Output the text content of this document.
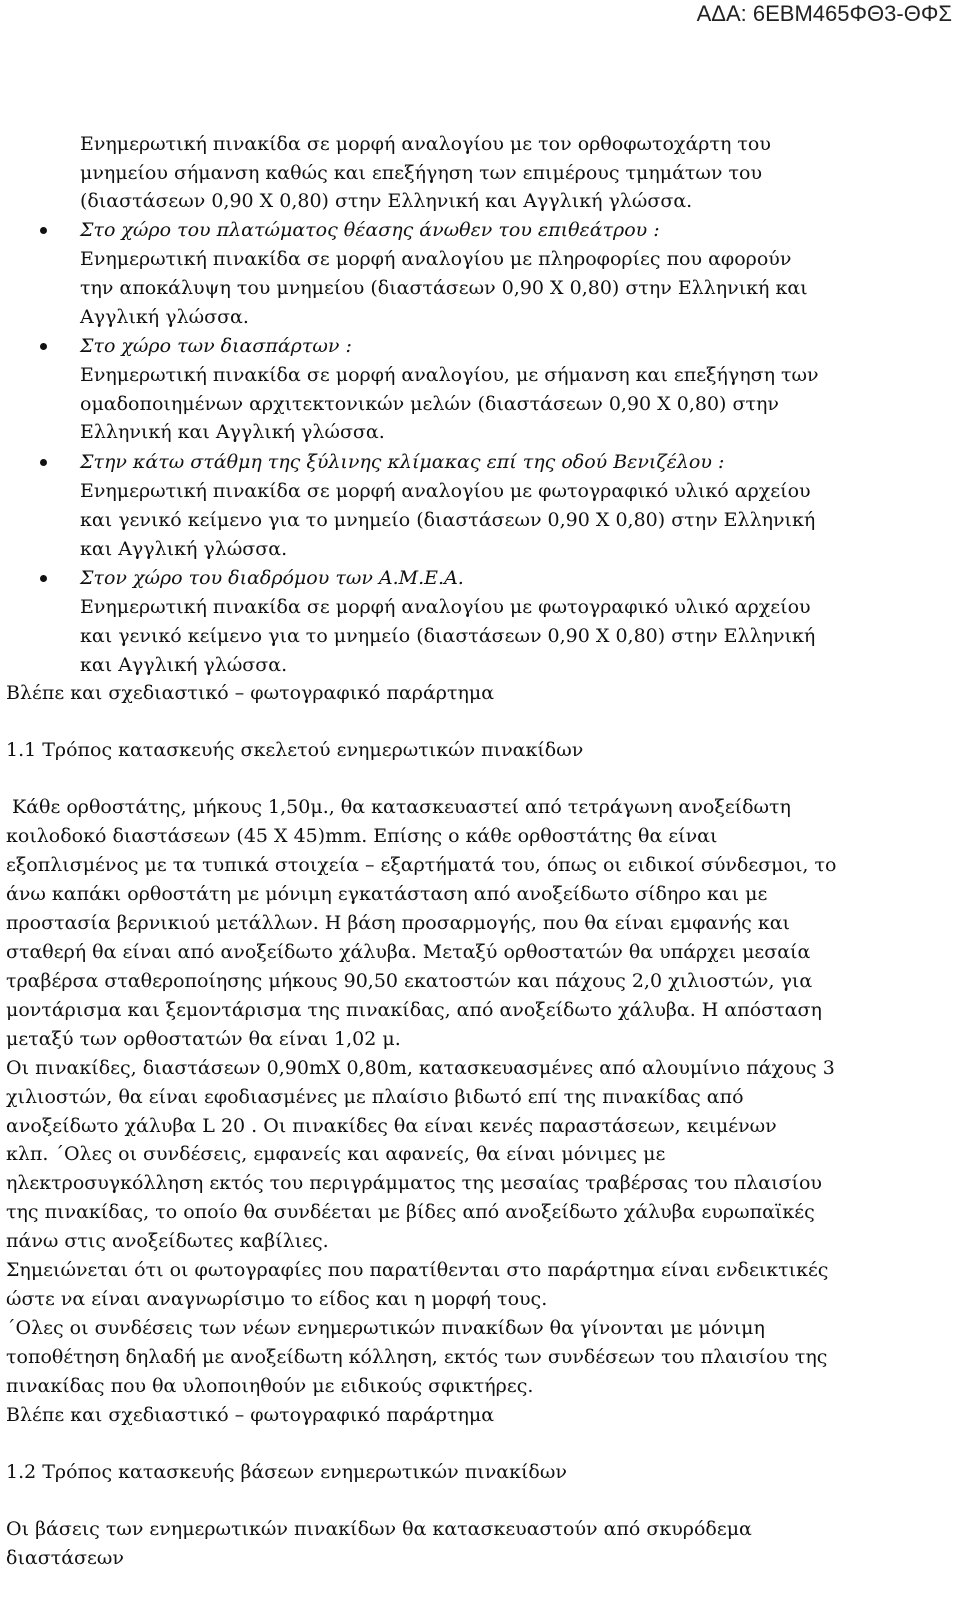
ΑΔΑ: 6ΕΒΜ465ΦΘ3-ΘΦΣ
Ενημερωτική πινακίδα σε μορφή αναλογίου με τον ορθοφωτοχάρτη του
μνημείου σήμανση καθώς και επεξήγηση των επιμέρους τμημάτων του
(διαστάσεων 0,90 Χ 0,80) στην Ελληνική και Αγγλική γλώσσα.
Στο χώρο του πλατώματος θέασης άνωθεν του επιθεάτρου :
Ενημερωτική πινακίδα σε μορφή αναλογίου με πληροφορίες που αφορούν
την αποκάλυψη του μνημείου (διαστάσεων 0,90 Χ 0,80) στην Ελληνική και
Αγγλική γλώσσα.
Στο χώρο των διασπάρτων :
Ενημερωτική πινακίδα σε μορφή αναλογίου, με σήμανση και επεξήγηση των
ομαδοποιημένων αρχιτεκτονικών μελών (διαστάσεων 0,90 Χ 0,80) στην
Ελληνική και Αγγλική γλώσσα.
Στην κάτω στάθμη της ξύλινης κλίμακας επί της οδού Βενιζέλου :
Ενημερωτική πινακίδα σε μορφή αναλογίου με φωτογραφικό υλικό αρχείου
και γενικό κείμενο για το μνημείο (διαστάσεων 0,90 Χ 0,80) στην Ελληνική
και Αγγλική γλώσσα.
Στον χώρο του διαδρόμου των Α.Μ.Ε.Α.
Ενημερωτική πινακίδα σε μορφή αναλογίου με φωτογραφικό υλικό αρχείου
και γενικό κείμενο για το μνημείο (διαστάσεων 0,90 Χ 0,80) στην Ελληνική
και Αγγλική γλώσσα.
Βλέπε και σχεδιαστικό – φωτογραφικό παράρτημα
1.1 Τρόπος κατασκευής σκελετού ενημερωτικών πινακίδων
Κάθε ορθοστάτης, μήκους 1,50μ., θα κατασκευαστεί από τετράγωνη ανοξείδωτη
κοιλοδοκό διαστάσεων (45 Χ 45)mm. Επίσης ο κάθε ορθοστάτης θα είναι
εξοπλισμένος με τα τυπικά στοιχεία – εξαρτήματά του, όπως οι ειδικοί σύνδεσμοι, το
άνω καπάκι ορθοστάτη με μόνιμη εγκατάσταση από ανοξείδωτο σίδηρο και με
προστασία βερνικιού μετάλλων. Η βάση προσαρμογής, που θα είναι εμφανής και
σταθερή θα είναι από ανοξείδωτο χάλυβα. Μεταξύ ορθοστατών θα υπάρχει μεσαία
τραβέρσα σταθεροποίησης μήκους 90,50 εκατοστών και πάχους 2,0 χιλιοστών, για
μοντάρισμα και ξεμοντάρισμα της πινακίδας, από ανοξείδωτο χάλυβα. Η απόσταση
μεταξύ των ορθοστατών θα είναι 1,02 μ.
Οι πινακίδες, διαστάσεων 0,90mΧ 0,80m, κατασκευασμένες από αλουμίνιο πάχους 3
χιλιοστών, θα είναι εφοδιασμένες με πλαίσιο βιδωτό επί της πινακίδας από
ανοξείδωτο χάλυβα L 20 . Οι πινακίδες θα είναι κενές παραστάσεων, κειμένων
κλπ. ΄Ολες οι συνδέσεις, εμφανείς και αφανείς, θα είναι μόνιμες με
ηλεκτροσυγκόλληση εκτός του περιγράμματος της μεσαίας τραβέρσας του πλαισίου
της πινακίδας, το οποίο θα συνδέεται με βίδες από ανοξείδωτο χάλυβα ευρωπαϊκές
πάνω στις ανοξείδωτες καβίλιες.
Σημειώνεται ότι οι φωτογραφίες που παρατίθενται στο παράρτημα είναι ενδεικτικές
ώστε να είναι αναγνωρίσιμο το είδος και η μορφή τους.
΄Ολες οι συνδέσεις των νέων ενημερωτικών πινακίδων θα γίνονται με μόνιμη
τοποθέτηση δηλαδή με ανοξείδωτη κόλληση, εκτός των συνδέσεων του πλαισίου της
πινακίδας που θα υλοποιηθούν με ειδικούς σφικτήρες.
Βλέπε και σχεδιαστικό – φωτογραφικό παράρτημα
1.2 Τρόπος κατασκευής βάσεων ενημερωτικών πινακίδων
Οι βάσεις των ενημερωτικών πινακίδων θα κατασκευαστούν από σκυρόδεμα
διαστάσεων
